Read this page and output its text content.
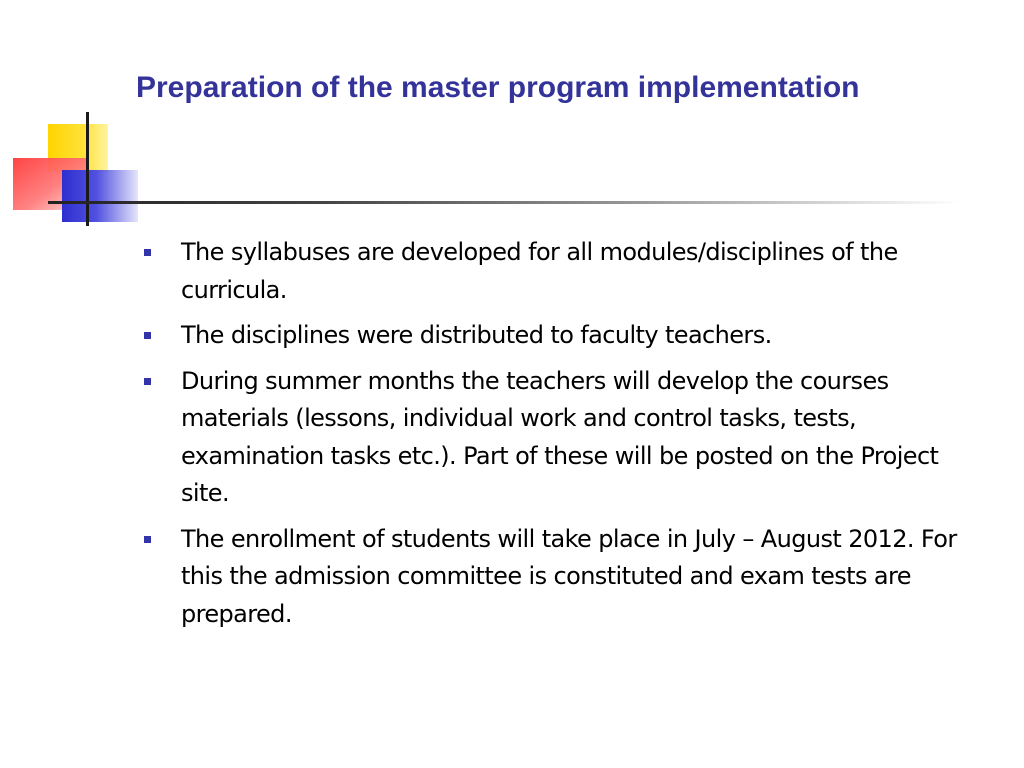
Preparation of the master program implementation
The syllabuses are developed for all modules/disciplines of the curricula.
The disciplines were distributed to faculty teachers.
During summer months the teachers will develop the courses materials (lessons, individual work and control tasks, tests, examination tasks etc.). Part of these will be posted on the Project site.
The enrollment of students will take place in July – August 2012. For this the admission committee is constituted and exam tests are prepared.
